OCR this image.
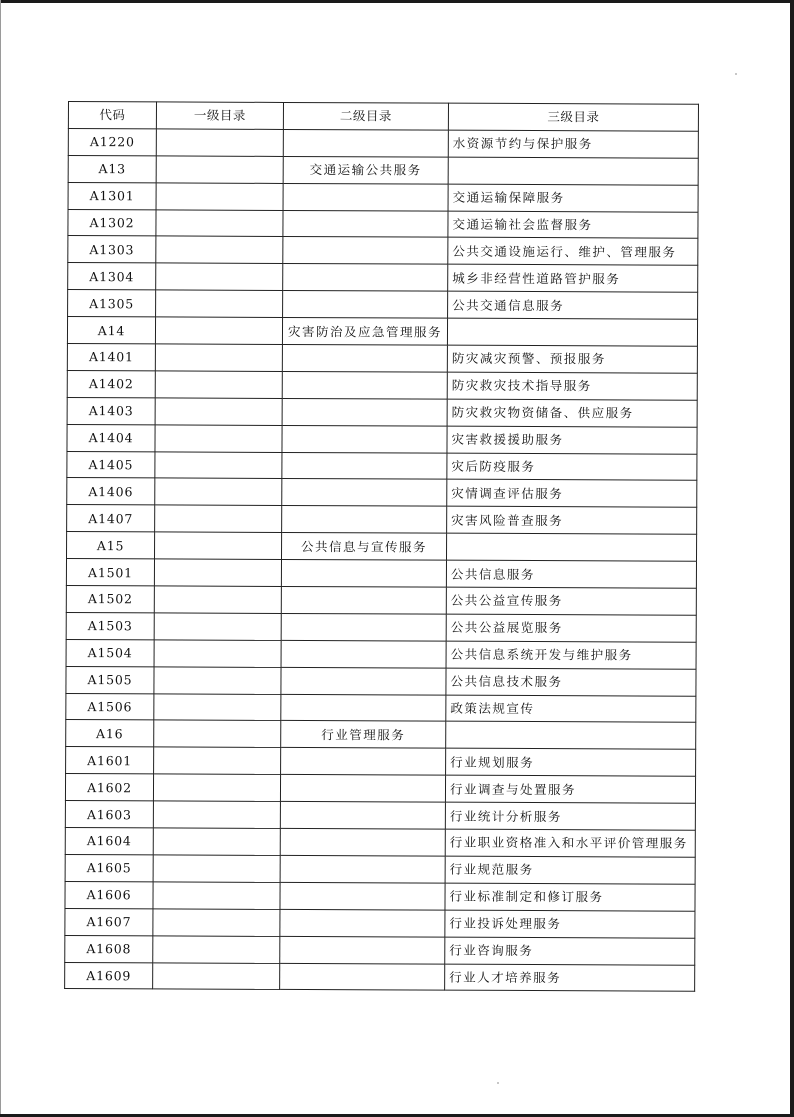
代码	一级目录	二级目录	三级目录
A1220			水资源节约与保护服务
A13		交通运输公共服务	
A1301			交通运输保障服务
A1302			交通运输社会监督服务
A1303			公共交通设施运行、维护、管理服务
A1304			城乡非经营性道路管护服务
A1305			公共交通信息服务
A14		灾害防治及应急管理服务	
A1401			防灾减灾预警、预报服务
A1402			防灾救灾技术指导服务
A1403			防灾救灾物资储备、供应服务
A1404			灾害救援援助服务
A1405			灾后防疫服务
A1406			灾情调查评估服务
A1407			灾害风险普查服务
A15		公共信息与宣传服务	
A1501			公共信息服务
A1502			公共公益宣传服务
A1503			公共公益展览服务
A1504			公共信息系统开发与维护服务
A1505			公共信息技术服务
A1506			政策法规宣传
A16		行业管理服务	
A1601			行业规划服务
A1602			行业调查与处置服务
A1603			行业统计分析服务
A1604			行业职业资格准入和水平评价管理服务
A1605			行业规范服务
A1606			行业标准制定和修订服务
A1607			行业投诉处理服务
A1608			行业咨询服务
A1609			行业人才培养服务
